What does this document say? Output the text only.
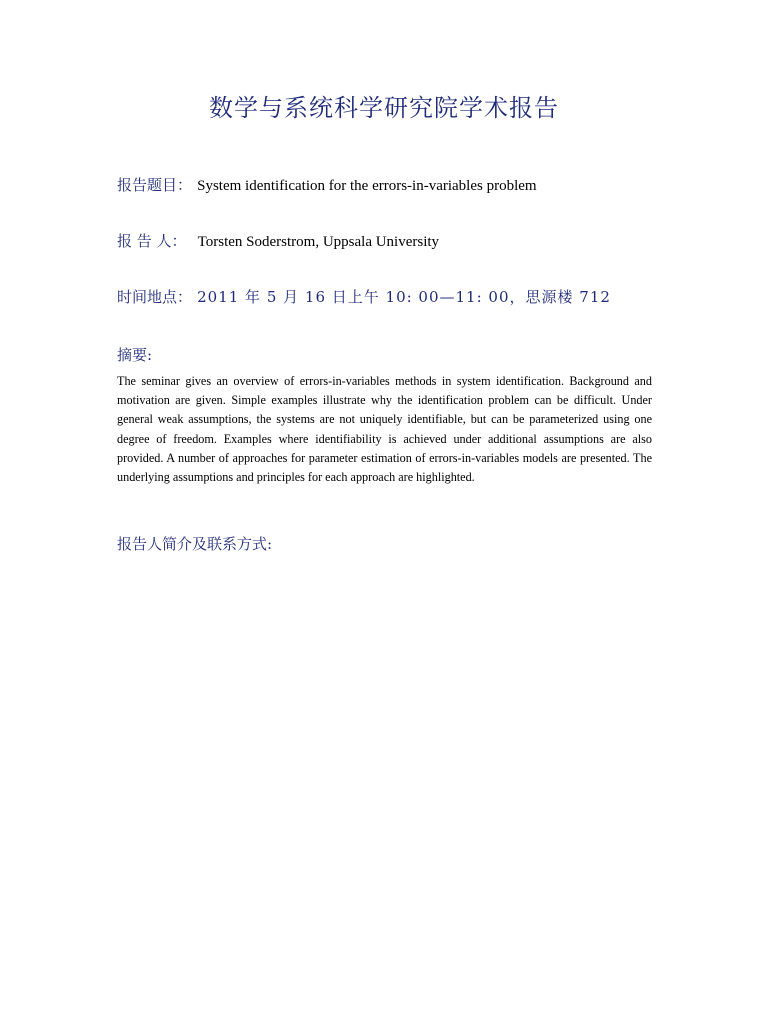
数学与系统科学研究院学术报告
报告题目： System identification for the errors-in-variables problem
报 告 人： Torsten Soderstrom, Uppsala University
时间地点： 2011 年 5 月 16 日上午 10: 00—11: 00，思源楼 712
摘要:
The seminar gives an overview of errors-in-variables methods in system identification. Background and motivation are given. Simple examples illustrate why the identification problem can be difficult. Under general weak assumptions, the systems are not uniquely identifiable, but can be parameterized using one degree of freedom. Examples where identifiability is achieved under additional assumptions are also provided. A number of approaches for parameter estimation of errors-in-variables models are presented. The underlying assumptions and principles for each approach are highlighted.
报告人简介及联系方式:
